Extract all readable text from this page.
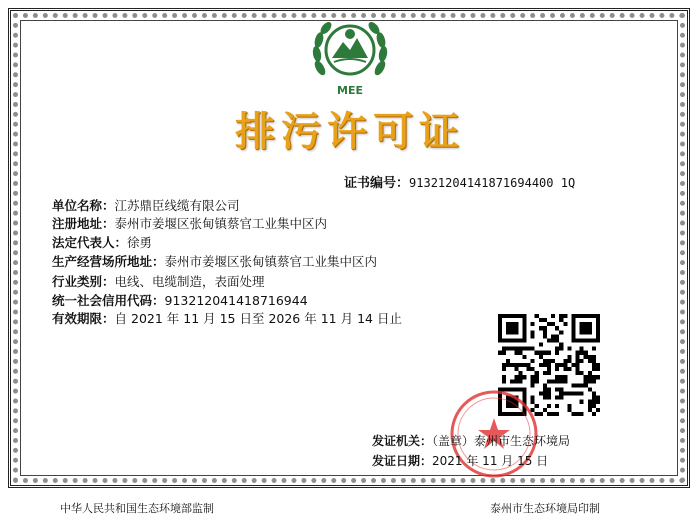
MEE
排污许可证
证书编号：91321204141871694400 1Q
单位名称：江苏鼎臣线缆有限公司
注册地址：泰州市姜堰区张甸镇蔡官工业集中区内
法定代表人：徐勇
生产经营场所地址：泰州市姜堰区张甸镇蔡官工业集中区内
行业类别：电线、电缆制造，表面处理
统一社会信用代码：913212041418716944
有效期限：自 2021 年 11 月 15 日至 2026 年 11 月 14 日止
发证机关：（盖章）泰州市生态环境局
发证日期：2021 年 11 月 15 日
中华人民共和国生态环境部监制	泰州市生态环境局印制
